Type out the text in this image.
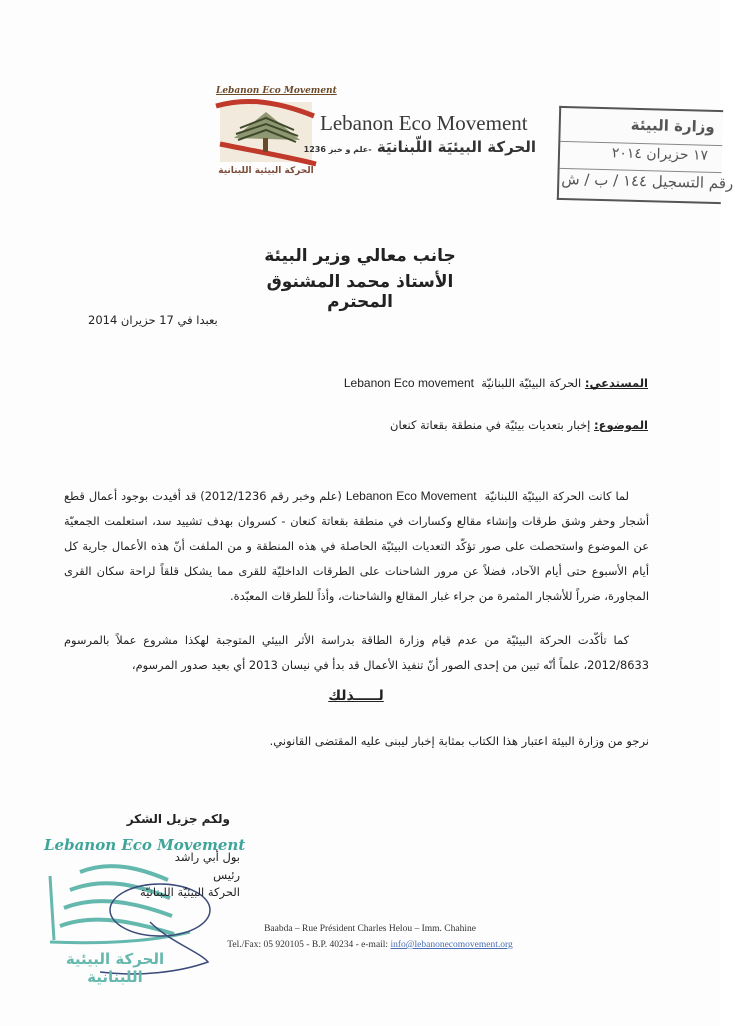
Lebanon Eco Movement
الحركة البيئية اللبنانية
Lebanon Eco Movement
الحركة البيئيَة اللّبنانيَة -علم و خبر 1236
وزارة البيئة
١٧ حزيران ٢٠١٤
رقم التسجيل ١٤٤ / ب / ش
جانب معالي وزير البيئة
الأستاذ محمد المشنوق المحترم
بعبدا في 17 حزيران 2014
المستدعي: الحركة البيئيّة اللبنانيّة  Lebanon Eco movement
الموضوع: إخبار بتعديات بيئيّة في منطقة بقعاتة كنعان
لما كانت الحركة البيئيّة اللبنانيّة  Lebanon Eco Movement (علم وخبر رقم 2012/1236) قد أفيدت بوجود أعمال قطع أشجار وحفر وشق طرقات وإنشاء مقالع وكسارات في منطقة بقعاتة كنعان - كسروان بهدف تشييد سد، استعلمت الجمعيّة عن الموضوع واستحصلت على صور تؤكّد التعديات البيئيّة الحاصلة في هذه المنطقة و من الملفت أنّ هذه الأعمال جارية كل أيام الأسبوع حتى أيام الآحاد، فضلاً عن مرور الشاحنات على الطرقات الداخليّة للقرى مما يشكل قلقاً لراحة سكان القرى المجاورة، ضرراً للأشجار المثمرة من جراء غبار المقالع والشاحنات، وأذاً للطرقات المعبّدة.
كما تأكّدت الحركة البيئيّة من عدم قيام وزارة الطاقة بدراسة الأثر البيئي المتوجبة لهكذا مشروع عملاً بالمرسوم 2012/8633، علماً أنّه تبين من إحدى الصور أنّ تنفيذ الأعمال قد بدأ في نيسان 2013 أي بعيد صدور المرسوم،
لـــــذلك
نرجو من وزارة البيئة اعتبار هذا الكتاب بمثابة إخبار ليبنى عليه المقتضى القانوني.
ولكم جزيل الشكر
Lebanon Eco Movement
الحركة البيئية اللبنانية
بول أبي راشد
رئيس
الحركة البيئيّة اللبنانيّة
Baabda – Rue Président Charles Helou – Imm. Chahine
Tel./Fax: 05 920105 - B.P. 40234 - e-mail: info@lebanonecomovement.org
